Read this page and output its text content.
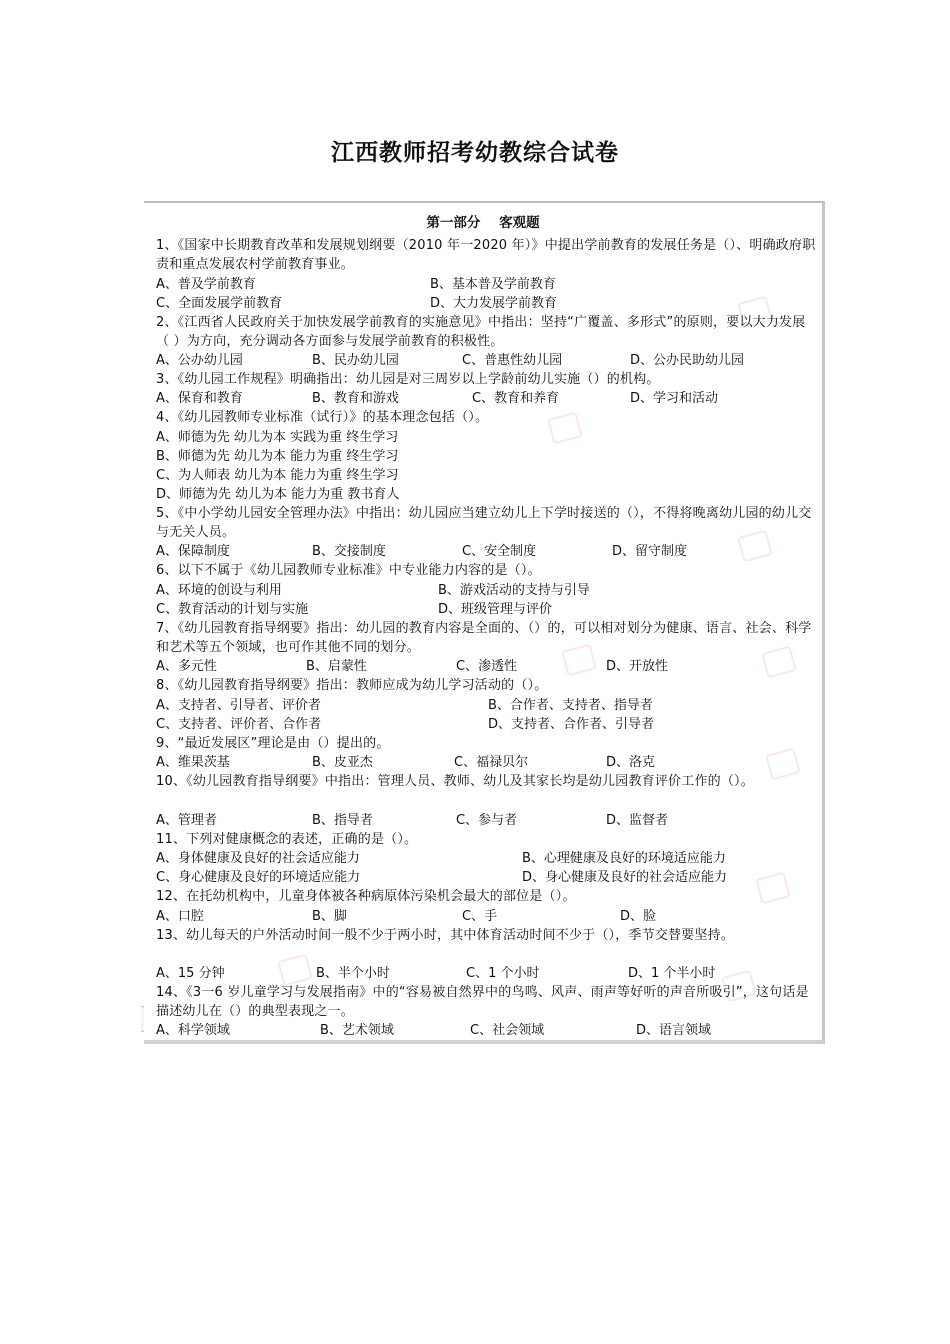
江西教师招考幼教综合试卷
第一部分 客观题
1、《国家中长期教育改革和发展规划纲要（2010 年一2020 年）》中提出学前教育的发展任务是（）、明确政府职责和重点发展农村学前教育事业。
A、普及学前教育	B、基本普及学前教育
C、全面发展学前教育	D、大力发展学前教育
2、《江西省人民政府关于加快发展学前教育的实施意见》中指出：坚持“广覆盖、多形式”的原则，要以大力发展（ ）为方向，充分调动各方面参与发展学前教育的积极性。
A、公办幼儿园	B、民办幼儿园	C、普惠性幼儿园	D、公办民助幼儿园
3、《幼儿园工作规程》明确指出：幼儿园是对三周岁以上学龄前幼儿实施（）的机构。
A、保育和教育	B、教育和游戏	C、教育和养育	D、学习和活动
4、《幼儿园教师专业标准（试行）》的基本理念包括（）。
A、师德为先 幼儿为本 实践为重 终生学习
B、师德为先 幼儿为本 能力为重 终生学习
C、为人师表 幼儿为本 能力为重 终生学习
D、师德为先 幼儿为本 能力为重 教书育人
5、《中小学幼儿园安全管理办法》中指出：幼儿园应当建立幼儿上下学时接送的（），不得将晚离幼儿园的幼儿交与无关人员。
A、保障制度	B、交接制度	C、安全制度	D、留守制度
6、以下不属于《幼儿园教师专业标准》中专业能力内容的是（）。
A、环境的创设与利用	B、游戏活动的支持与引导
C、教育活动的计划与实施	D、班级管理与评价
7、《幼儿园教育指导纲要》指出：幼儿园的教育内容是全面的、（）的，可以相对划分为健康、语言、社会、科学和艺术等五个领域，也可作其他不同的划分。
A、多元性	B、启蒙性	C、渗透性	D、开放性
8、《幼儿园教育指导纲要》指出：教师应成为幼儿学习活动的（）。
A、支持者、引导者、评价者	B、合作者、支持者、指导者
C、支持者、评价者、合作者	D、支持者、合作者、引导者
9、“最近发展区”理论是由（）提出的。
A、维果茨基	B、皮亚杰	C、福禄贝尔	D、洛克
10、《幼儿园教育指导纲要》中指出：管理人员、教师、幼儿及其家长均是幼儿园教育评价工作的（）。
A、管理者	B、指导者	C、参与者	D、监督者
11、下列对健康概念的表述，正确的是（）。
A、身体健康及良好的社会适应能力	B、心理健康及良好的环境适应能力
C、身心健康及良好的环境适应能力	D、身心健康及良好的社会适应能力
12、在托幼机构中，儿童身体被各种病原体污染机会最大的部位是（）。
A、口腔	B、脚	C、手	D、脸
13、幼儿每天的户外活动时间一般不少于两小时，其中体育活动时间不少于（），季节交替要坚持。
A、15 分钟	B、半个小时	C、1 个小时	D、1 个半小时
14、《3一6 岁儿童学习与发展指南》中的“容易被自然界中的鸟鸣、风声、雨声等好听的声音所吸引”，这句话是描述幼儿在（）的典型表现之一。
A、科学领域	B、艺术领域	C、社会领域	D、语言领域
